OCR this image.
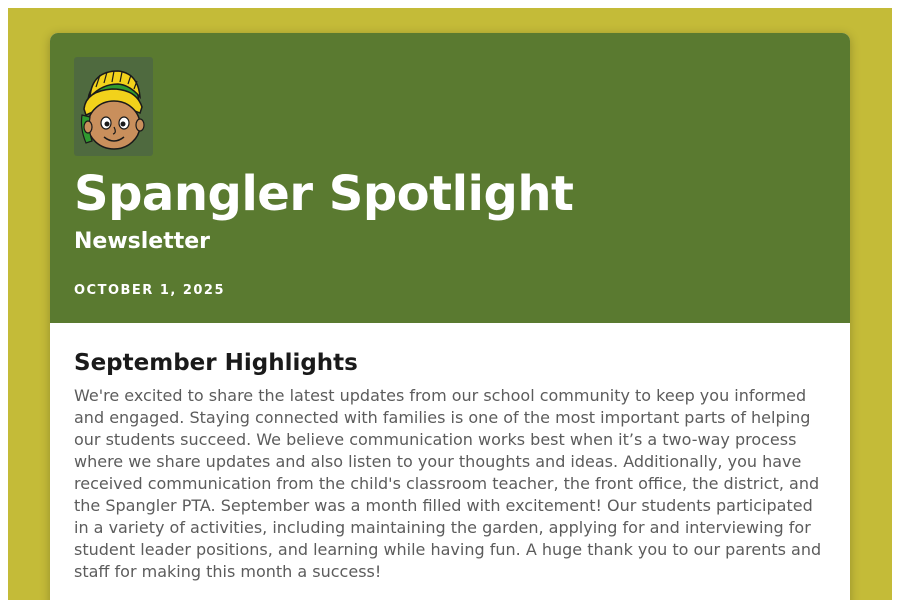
Spangler Spotlight
Newsletter
OCTOBER 1, 2025
September Highlights

We're excited to share the latest updates from our school community to keep you informed and engaged. Staying connected with families is one of the most important parts of helping our students succeed. We believe communication works best when it’s a two-way process where we share updates and also listen to your thoughts and ideas. Additionally, you have received communication from the child's classroom teacher, the front office, the district, and the Spangler PTA. September was a month filled with excitement! Our students participated in a variety of activities, including maintaining the garden, applying for and interviewing for student leader positions, and learning while having fun. A huge thank you to our parents and staff for making this month a success!
